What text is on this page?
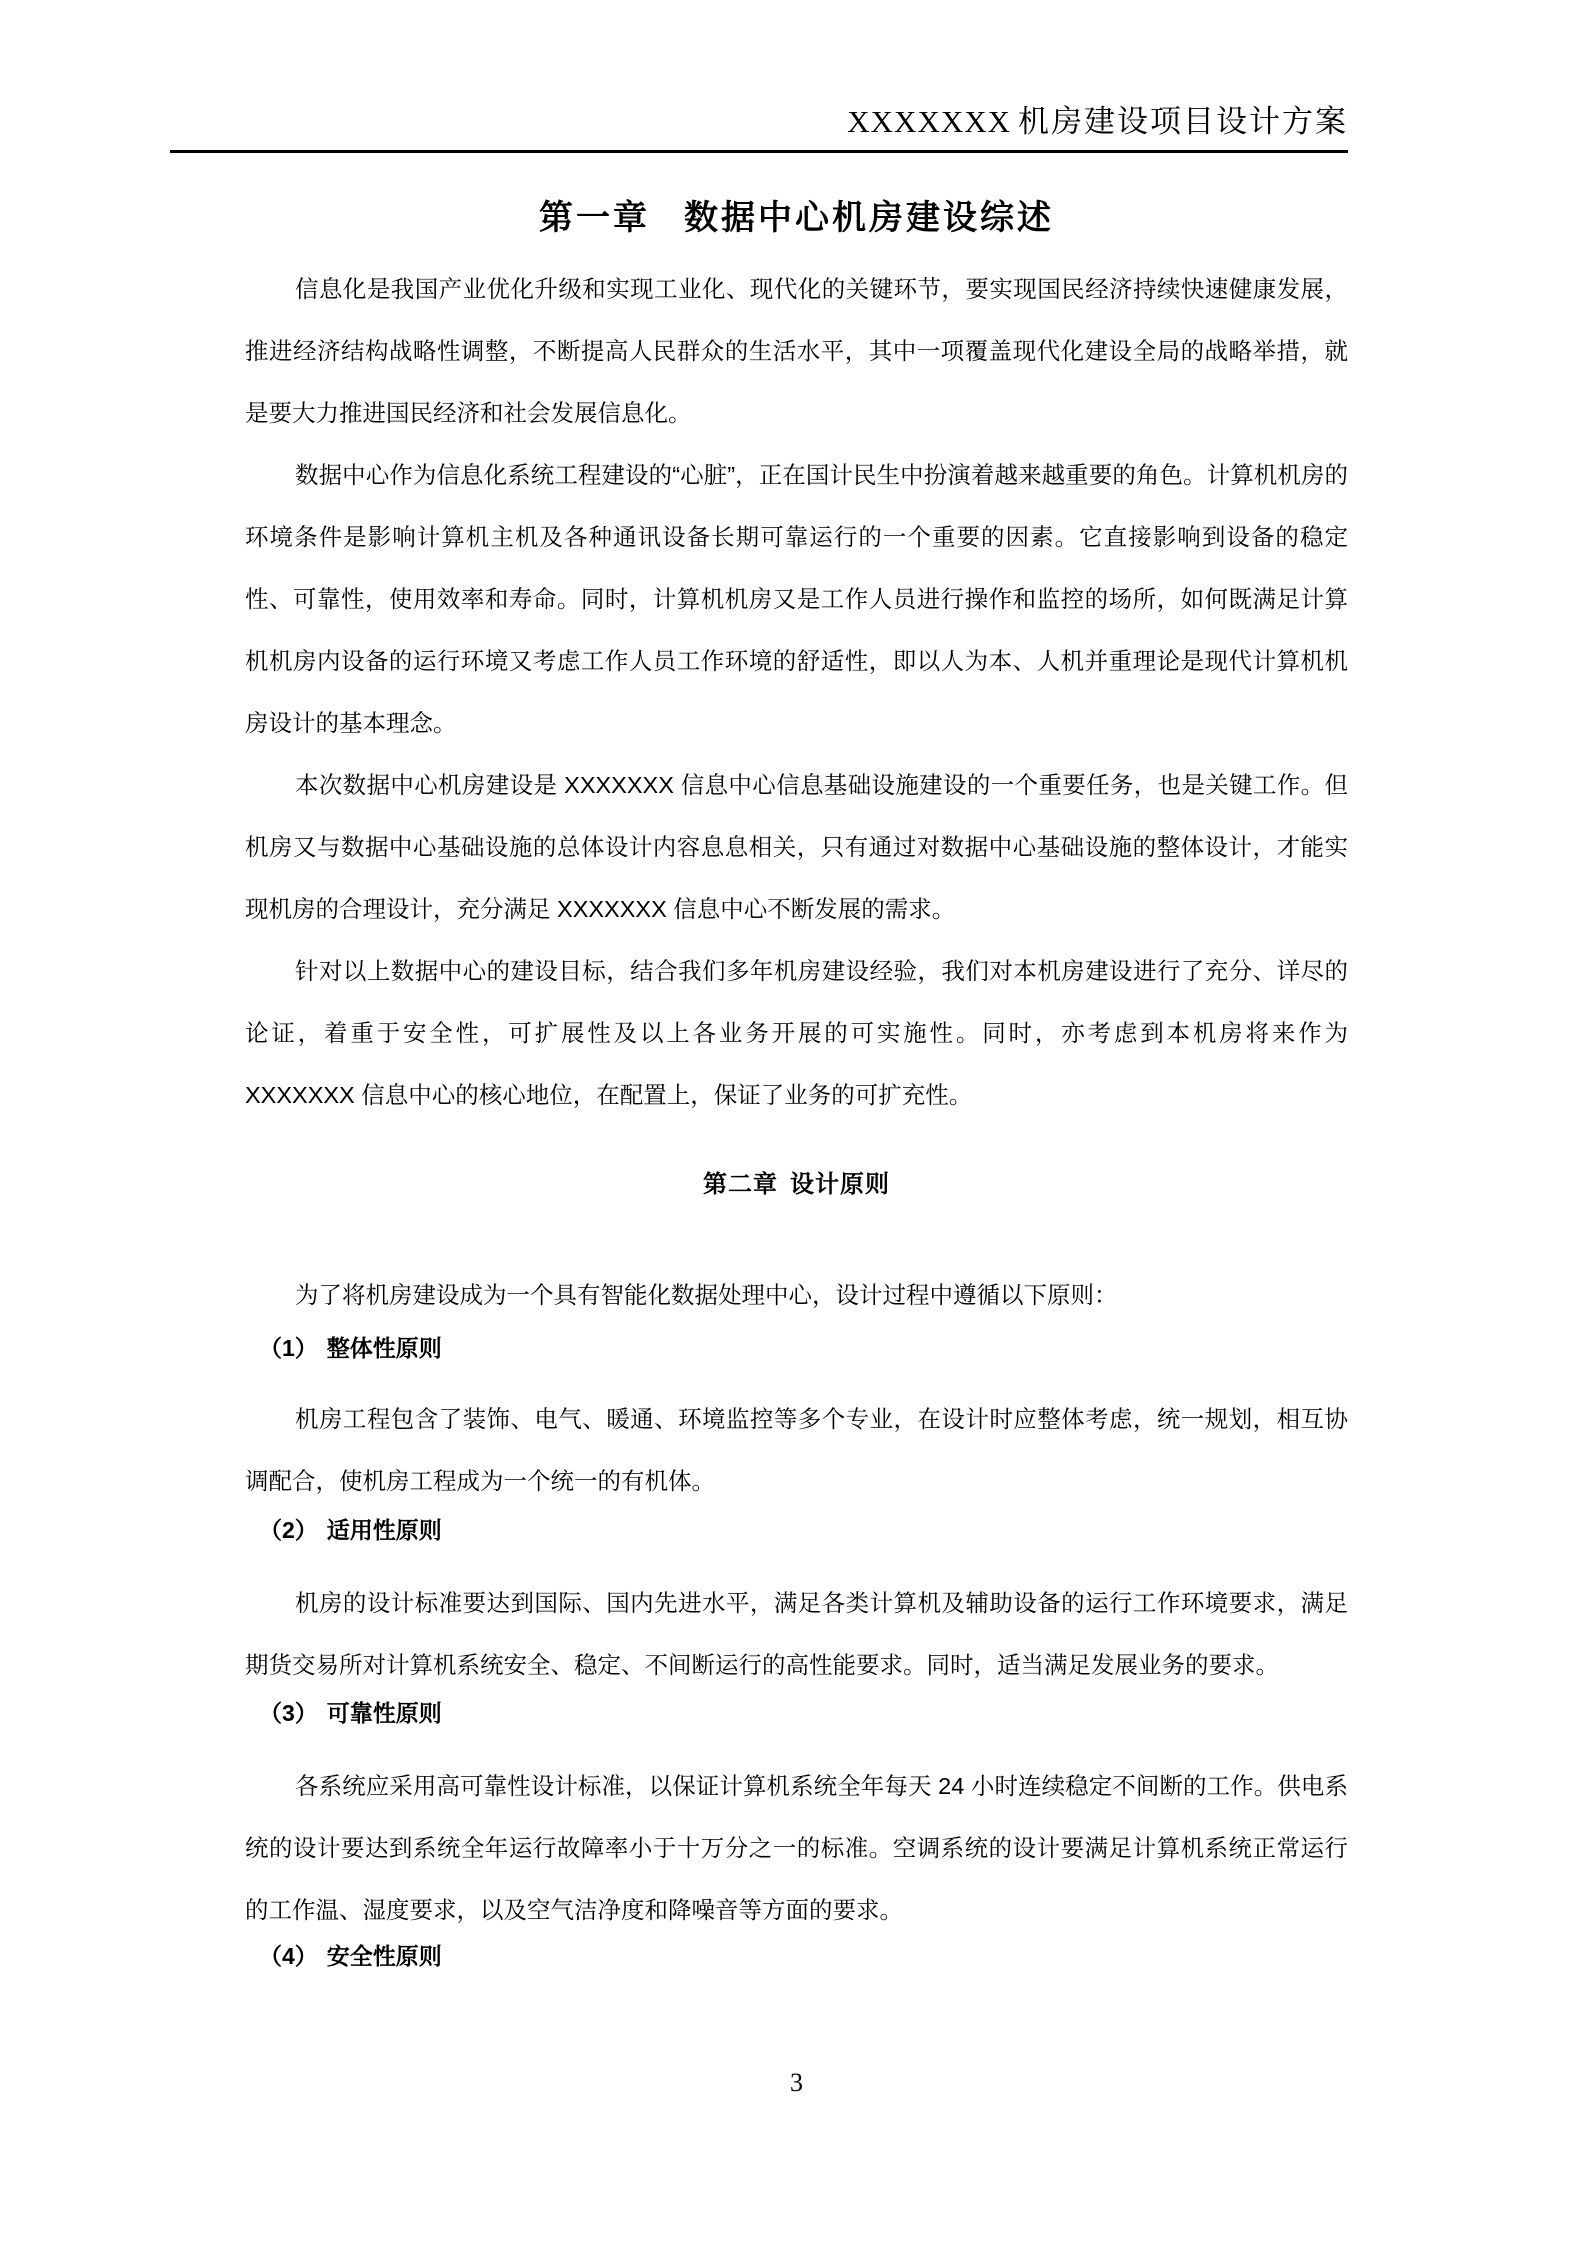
XXXXXXX 机房建设项目设计方案
第一章 数据中心机房建设综述
信息化是我国产业优化升级和实现工业化、现代化的关键环节，要实现国民经济持续快速健康发展，推进经济结构战略性调整，不断提高人民群众的生活水平，其中一项覆盖现代化建设全局的战略举措，就是要大力推进国民经济和社会发展信息化。
数据中心作为信息化系统工程建设的“心脏”，正在国计民生中扮演着越来越重要的角色。计算机机房的环境条件是影响计算机主机及各种通讯设备长期可靠运行的一个重要的因素。它直接影响到设备的稳定性、可靠性，使用效率和寿命。同时，计算机机房又是工作人员进行操作和监控的场所，如何既满足计算机机房内设备的运行环境又考虑工作人员工作环境的舒适性，即以人为本、人机并重理论是现代计算机机房设计的基本理念。
本次数据中心机房建设是 XXXXXXX 信息中心信息基础设施建设的一个重要任务，也是关键工作。但机房又与数据中心基础设施的总体设计内容息息相关，只有通过对数据中心基础设施的整体设计，才能实现机房的合理设计，充分满足 XXXXXXX 信息中心不断发展的需求。
针对以上数据中心的建设目标，结合我们多年机房建设经验，我们对本机房建设进行了充分、详尽的论证，着重于安全性，可扩展性及以上各业务开展的可实施性。同时，亦考虑到本机房将来作为 XXXXXXX 信息中心的核心地位，在配置上，保证了业务的可扩充性。
第二章 设计原则
为了将机房建设成为一个具有智能化数据处理中心，设计过程中遵循以下原则：
（1） 整体性原则
机房工程包含了装饰、电气、暖通、环境监控等多个专业，在设计时应整体考虑，统一规划，相互协调配合，使机房工程成为一个统一的有机体。
（2） 适用性原则
机房的设计标准要达到国际、国内先进水平，满足各类计算机及辅助设备的运行工作环境要求，满足期货交易所对计算机系统安全、稳定、不间断运行的高性能要求。同时，适当满足发展业务的要求。
（3） 可靠性原则
各系统应采用高可靠性设计标准，以保证计算机系统全年每天 24 小时连续稳定不间断的工作。供电系统的设计要达到系统全年运行故障率小于十万分之一的标准。空调系统的设计要满足计算机系统正常运行的工作温、湿度要求，以及空气洁净度和降噪音等方面的要求。
（4） 安全性原则
3
